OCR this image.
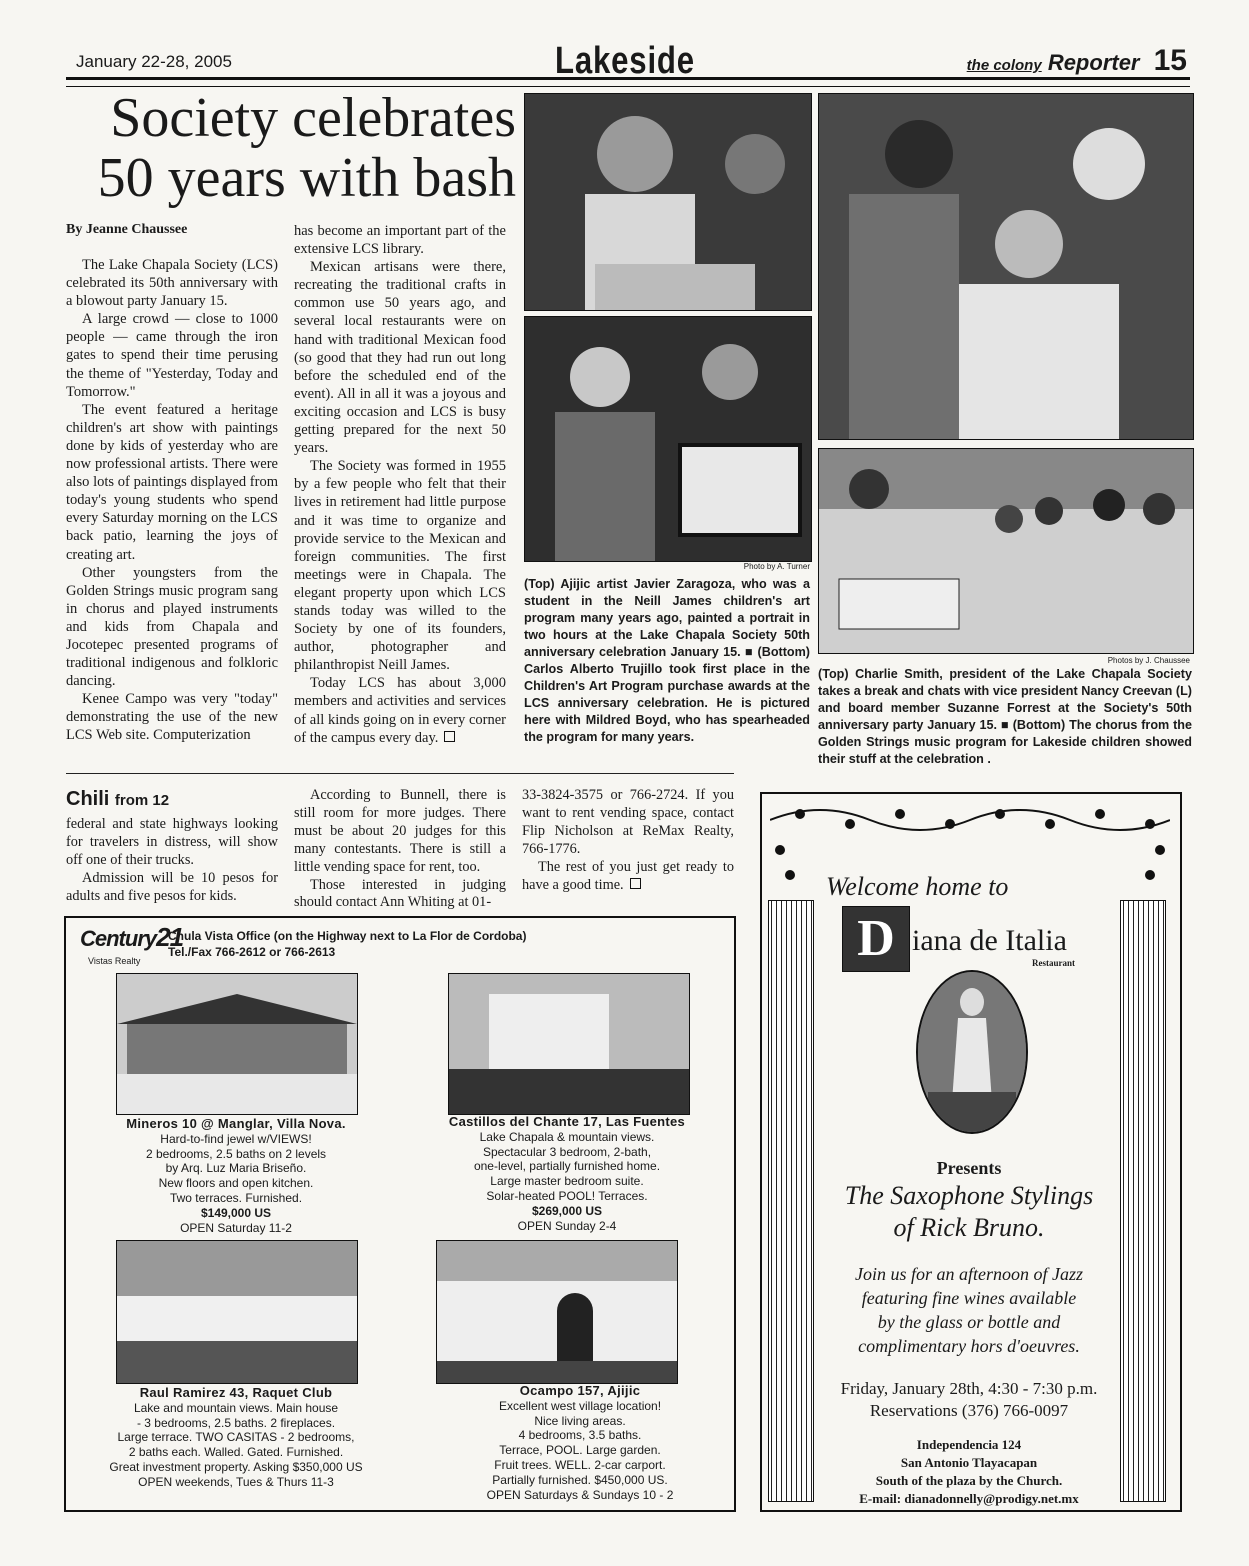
January 22-28, 2005	Lakeside	the colony Reporter 15
Society celebrates 50 years with bash
By Jeanne Chaussee

The Lake Chapala Society (LCS) celebrated its 50th anniversary with a blowout party January 15.

A large crowd — close to 1000 people — came through the iron gates to spend their time perusing the theme of "Yesterday, Today and Tomorrow."

The event featured a heritage children's art show with paintings done by kids of yesterday who are now professional artists. There were also lots of paintings displayed from today's young students who spend every Saturday morning on the LCS back patio, learning the joys of creating art.

Other youngsters from the Golden Strings music program sang in chorus and played instruments and kids from Chapala and Jocotepec presented programs of traditional indigenous and folkloric dancing.

Kenee Campo was very "today" demonstrating the use of the new LCS Web site. Computerization

has become an important part of the extensive LCS library.

Mexican artisans were there, recreating the traditional crafts in common use 50 years ago, and several local restaurants were on hand with traditional Mexican food (so good that they had run out long before the scheduled end of the event). All in all it was a joyous and exciting occasion and LCS is busy getting prepared for the next 50 years.

The Society was formed in 1955 by a few people who felt that their lives in retirement had little purpose and it was time to organize and provide service to the Mexican and foreign communities. The first meetings were in Chapala. The elegant property upon which LCS stands today was willed to the Society by one of its founders, author, photographer and philanthropist Neill James.

Today LCS has about 3,000 members and activities and services of all kinds going on in every corner of the campus every day.

Photo by A. Turner
Photos by J. Chaussee
(Top) Ajijic artist Javier Zaragoza, who was a student in the Neill James children's art program many years ago, painted a portrait in two hours at the Lake Chapala Society 50th anniversary celebration January 15. ■ (Bottom) Carlos Alberto Trujillo took first place in the Children's Art Program purchase awards at the LCS anniversary celebration. He is pictured here with Mildred Boyd, who has spearheaded the program for many years.
(Top) Charlie Smith, president of the Lake Chapala Society takes a break and chats with vice president Nancy Creevan (L) and board member Suzanne Forrest at the Society's 50th anniversary party January 15. ■ (Bottom) The chorus from the Golden Strings music program for Lakeside children showed their stuff at the celebration .
Chili from 12

federal and state highways looking for travelers in distress, will show off one of their trucks.

Admission will be 10 pesos for adults and five pesos for kids.

According to Bunnell, there is still room for more judges. There must be about 20 judges for this many contestants. There is still a little vending space for rent, too.

Those interested in judging should contact Ann Whiting at 01-

33-3824-3575 or 766-2724. If you want to rent vending space, contact Flip Nicholson at ReMax Realty, 766-1776.

The rest of you just get ready to have a good time.

Century21
Vistas Realty
Chula Vista Office (on the Highway next to La Flor de Cordoba)
Tel./Fax 766-2612 or 766-2613
Mineros 10 @ Manglar, Villa Nova.
Hard-to-find jewel w/VIEWS!
2 bedrooms, 2.5 baths on 2 levels
by Arq. Luz Maria Briseño.
New floors and open kitchen.
Two terraces. Furnished.
$149,000 US
OPEN Saturday 11-2
Castillos del Chante 17, Las Fuentes
Lake Chapala & mountain views.
Spectacular 3 bedroom, 2-bath,
one-level, partially furnished home.
Large master bedroom suite.
Solar-heated POOL! Terraces.
$269,000 US
OPEN Sunday 2-4
Raul Ramirez 43, Raquet Club
Lake and mountain views. Main house
- 3 bedrooms, 2.5 baths. 2 fireplaces.
Large terrace. TWO CASITAS - 2 bedrooms,
2 baths each. Walled. Gated. Furnished.
Great investment property. Asking $350,000 US
OPEN weekends, Tues & Thurs 11-3
Ocampo 157, Ajijic
Excellent west village location!
Nice living areas.
4 bedrooms, 3.5 baths.
Terrace, POOL. Large garden.
Fruit trees. WELL. 2-car carport.
Partially furnished. $450,000 US.
OPEN Saturdays & Sundays 10 - 2
Welcome home to
D iana de Italia
Restaurant
Presents
The Saxophone Stylings
of Rick Bruno.
Join us for an afternoon of Jazz
featuring fine wines available
by the glass or bottle and
complimentary hors d'oeuvres.
Friday, January 28th, 4:30 - 7:30 p.m.
Reservations (376) 766-0097
Independencia 124
San Antonio Tlayacapan
South of the plaza by the Church.
E-mail: dianadonnelly@prodigy.net.mx
